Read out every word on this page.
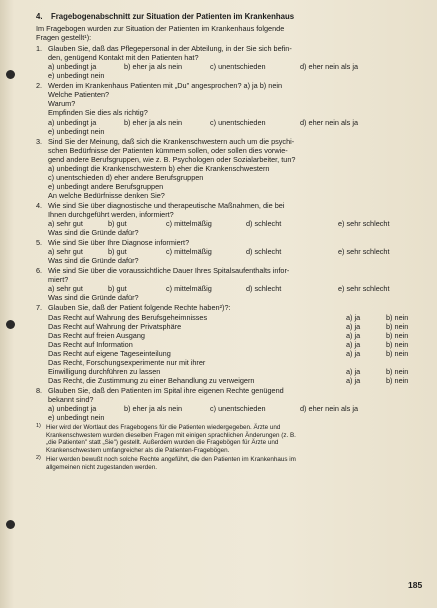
4. Fragebogenabschnitt zur Situation der Patienten im Krankenhaus
Im Fragebogen wurden zur Situation der Patienten im Krankenhaus folgende
Fragen gestellt¹):
1. Glauben Sie, daß das Pflegepersonal in der Abteilung, in der Sie sich befin-
den, genügend Kontakt mit den Patienten hat?
a) unbedingt ja	b) eher ja als nein	c) unentschieden	d) eher nein als ja
e) unbedingt nein
2. Werden im Krankenhaus Patienten mit „Du" angesprochen? a) ja b) nein
Welche Patienten?
Warum?
Empfinden Sie dies als richtig?
a) unbedingt ja	b) eher ja als nein	c) unentschieden	d) eher nein als ja
e) unbedingt nein
3. Sind Sie der Meinung, daß sich die Krankenschwestern auch um die psychi-
schen Bedürfnisse der Patienten kümmern sollen, oder sollen dies vorwie-
gend andere Berufsgruppen, wie z. B. Psychologen oder Sozialarbeiter, tun?
a) unbedingt die Krankenschwestern b) eher die Krankenschwestern
c) unentschieden d) eher andere Berufsgruppen
e) unbedingt andere Berufsgruppen
An welche Bedürfnisse denken Sie?
4. Wie sind Sie über diagnostische und therapeutische Maßnahmen, die bei
Ihnen durchgeführt werden, informiert?
a) sehr gut	b) gut	c) mittelmäßig	d) schlecht	e) sehr schlecht
Was sind die Gründe dafür?
5. Wie sind Sie über Ihre Diagnose informiert?
a) sehr gut	b) gut	c) mittelmäßig	d) schlecht	e) sehr schlecht
Was sind die Gründe dafür?
6. Wie sind Sie über die voraussichtliche Dauer Ihres Spitalsaufenthalts infor-
miert?
a) sehr gut	b) gut	c) mittelmäßig	d) schlecht	e) sehr schlecht
Was sind die Gründe dafür?
7. Glauben Sie, daß der Patient folgende Rechte haben²)?:
Das Recht auf Wahrung des Berufsgeheimnisses	a) ja	b) nein
Das Recht auf Wahrung der Privatsphäre	a) ja	b) nein
Das Recht auf freien Ausgang	a) ja	b) nein
Das Recht auf Information	a) ja	b) nein
Das Recht auf eigene Tageseinteilung	a) ja	b) nein
Das Recht, Forschungsexperimente nur mit ihrer
Einwilligung durchführen zu lassen	a) ja	b) nein
Das Recht, die Zustimmung zu einer Behandlung zu verweigern	a) ja	b) nein
8. Glauben Sie, daß den Patienten im Spital ihre eigenen Rechte genügend
bekannt sind?
a) unbedingt ja	b) eher ja als nein	c) unentschieden	d) eher nein als ja
e) unbedingt nein
1) Hier wird der Wortlaut des Fragebogens für die Patienten wiedergegeben. Ärzte und
Krankenschwestern wurden dieselben Fragen mit einigen sprachlichen Änderungen (z. B.
„die Patienten" statt „Sie") gestellt. Außerdem wurden die Fragebögen für Ärzte und
Krankenschwestern umfangreicher als die Patienten-Fragebögen.
2) Hier werden bewußt noch solche Rechte angeführt, die den Patienten im Krankenhaus im
allgemeinen nicht zugestanden werden.
185
